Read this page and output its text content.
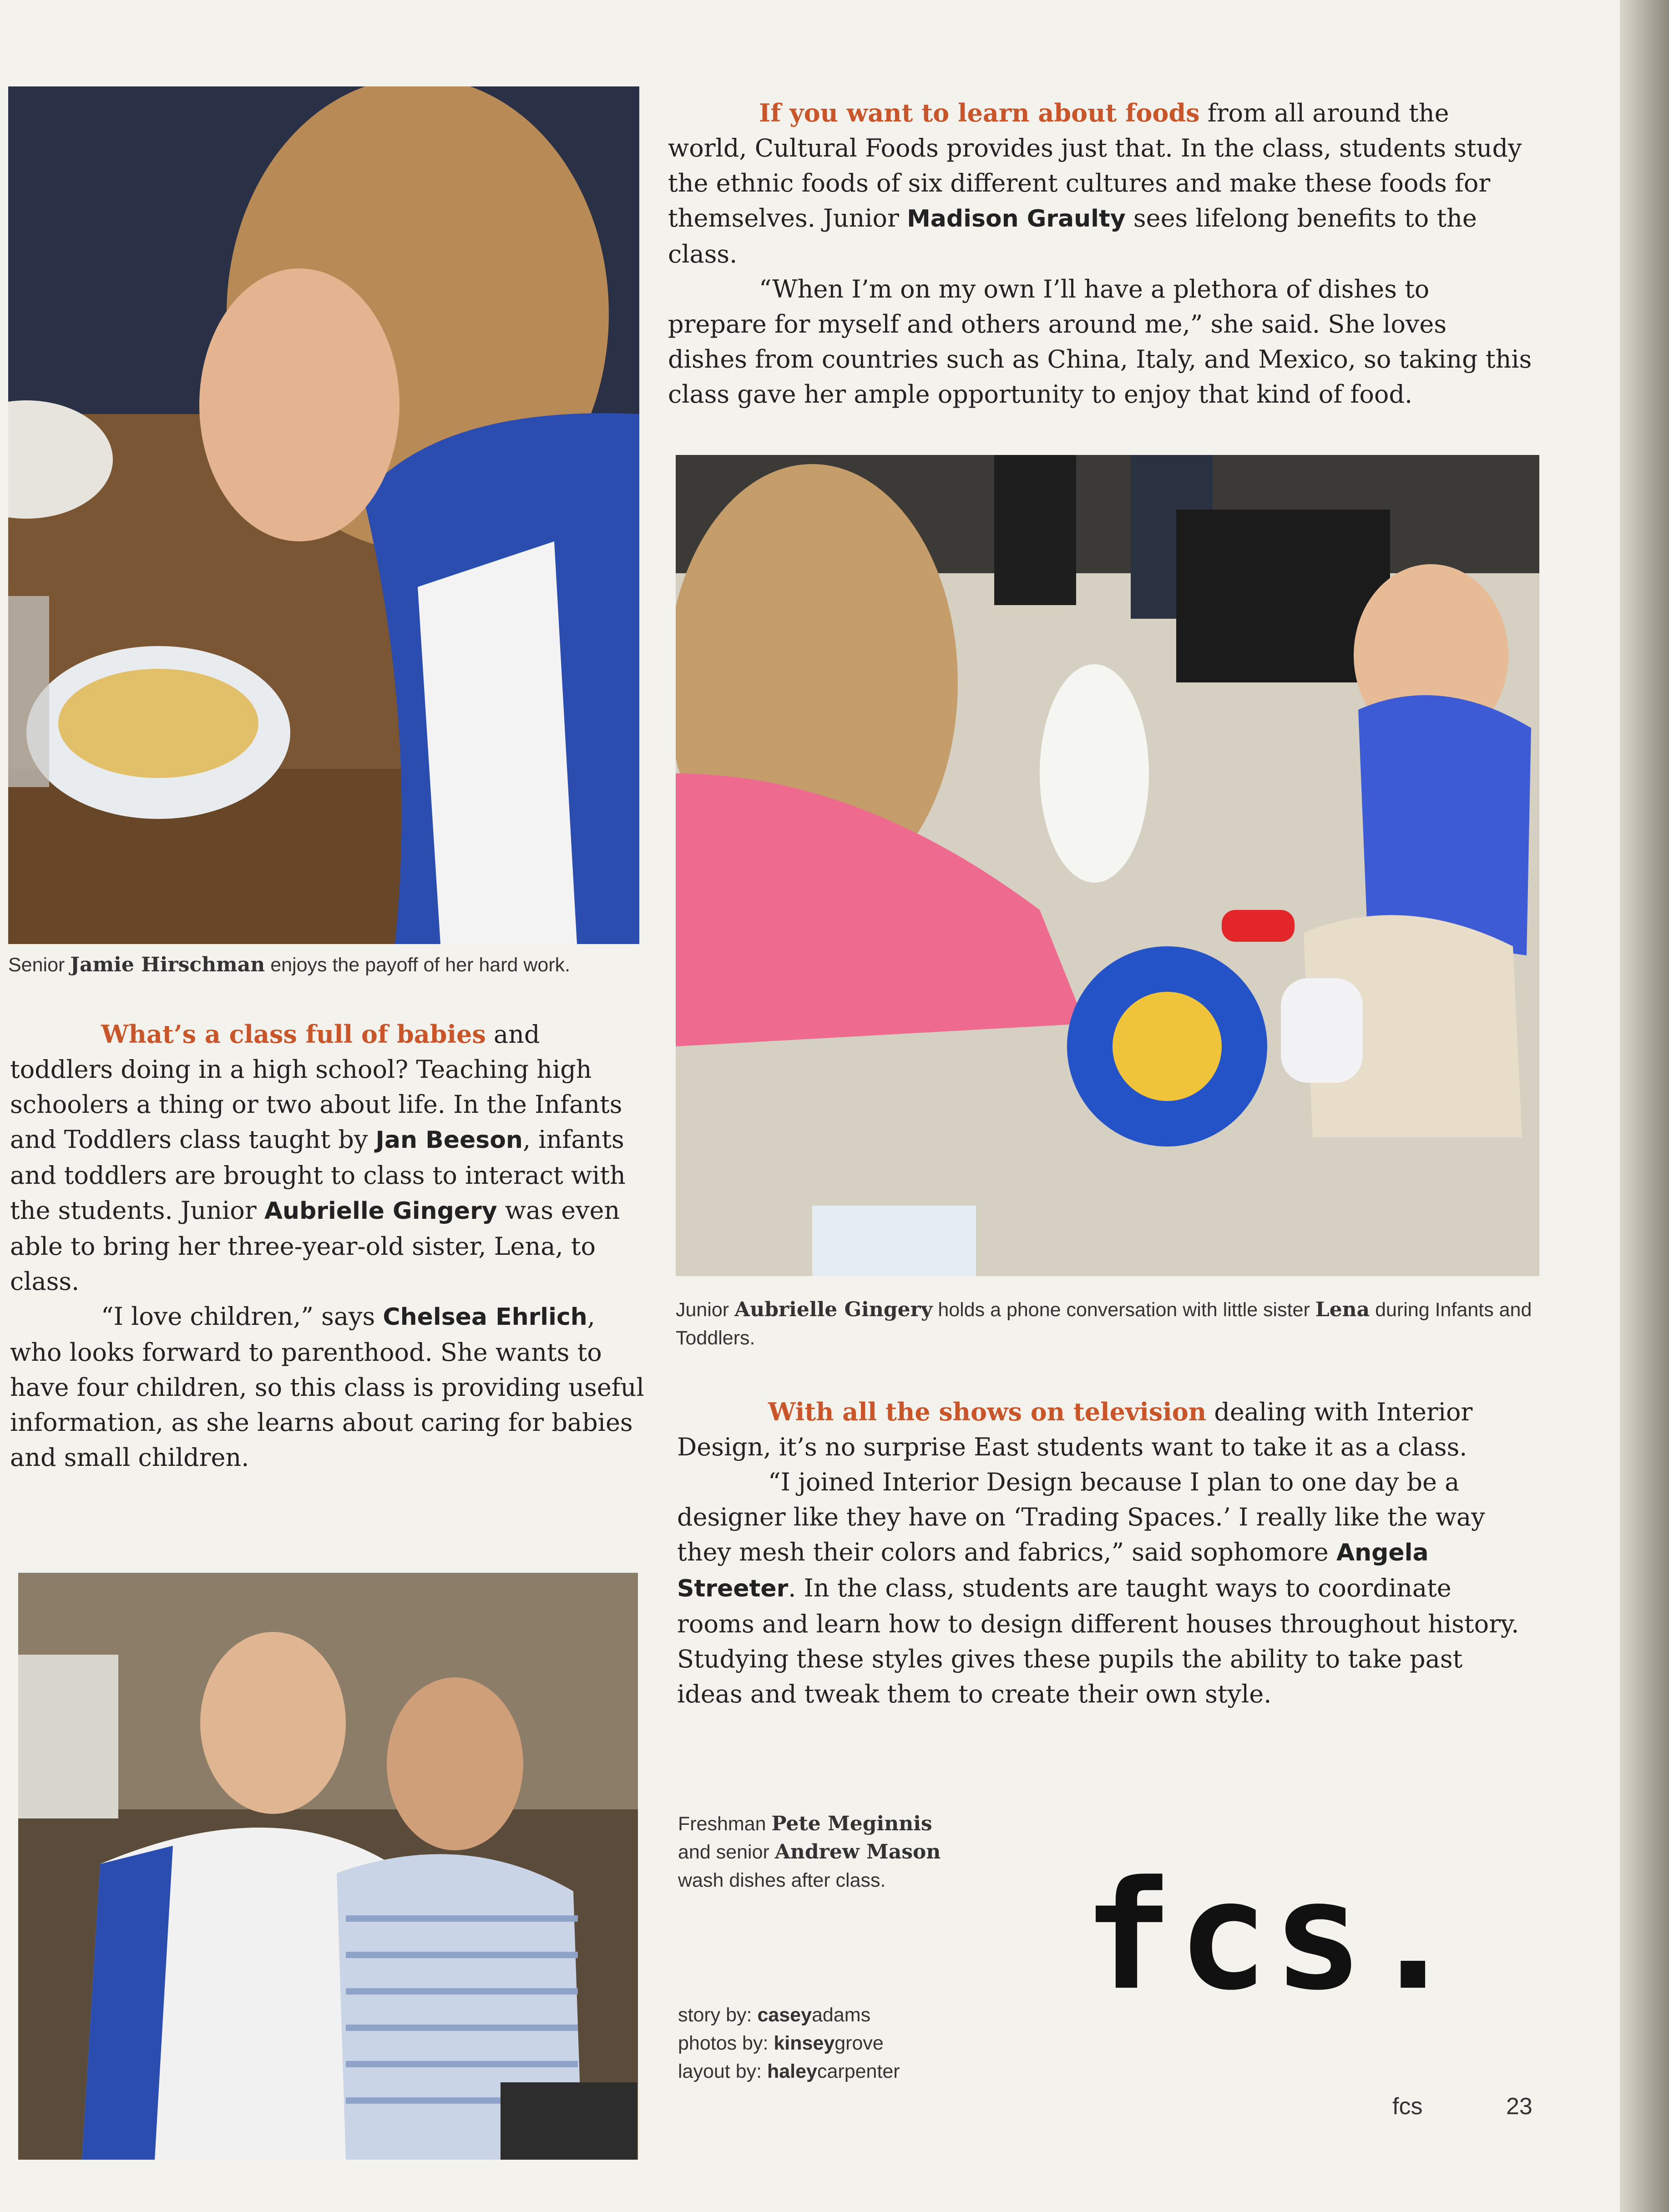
Senior Jamie Hirschman enjoys the payoff of her hard work.

What’s a class full of babies and toddlers doing in a high school? Teaching high schoolers a thing or two about life. In the Infants and Toddlers class taught by Jan Beeson, infants and toddlers are brought to class to interact with the students. Junior Aubrielle Gingery was even able to bring her three-year-old sister, Lena, to class.

“I love children,” says Chelsea Ehrlich, who looks forward to parenthood. She wants to have four children, so this class is providing useful information, as she learns about caring for babies and small children.

If you want to learn about foods from all around the world, Cultural Foods provides just that. In the class, students study the ethnic foods of six different cultures and make these foods for themselves. Junior Madison Graulty sees lifelong benefits to the class.

“When I’m on my own I’ll have a plethora of dishes to prepare for myself and others around me,” she said. She loves dishes from countries such as China, Italy, and Mexico, so taking this class gave her ample opportunity to enjoy that kind of food.

Junior Aubrielle Gingery holds a phone conversation with little sister Lena during Infants and Toddlers.

With all the shows on television dealing with Interior Design, it’s no surprise East students want to take it as a class.

“I joined Interior Design because I plan to one day be a designer like they have on ‘Trading Spaces.’ I really like the way they mesh their colors and fabrics,” said sophomore Angela Streeter. In the class, students are taught ways to coordinate rooms and learn how to design different houses throughout history. Studying these styles gives these pupils the ability to take past ideas and tweak them to create their own style.

Freshman Pete Meginnis and senior Andrew Mason wash dishes after class.
story by: caseyadams
photos by: kinseygrove
layout by: haleycarpenter
fcs.
fcs	23
